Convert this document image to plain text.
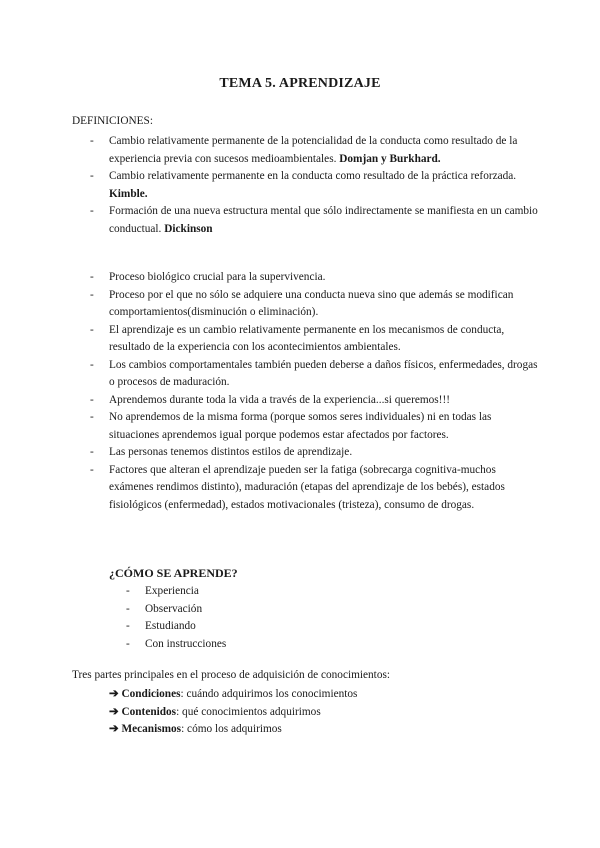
TEMA 5. APRENDIZAJE
DEFINICIONES:
- Cambio relativamente permanente de la potencialidad de la conducta como resultado de la experiencia previa con sucesos medioambientales. Domjan y Burkhard.
- Cambio relativamente permanente en la conducta como resultado de la práctica reforzada. Kimble.
- Formación de una nueva estructura mental que sólo indirectamente se manifiesta en un cambio conductual. Dickinson
- Proceso biológico crucial para la supervivencia.
- Proceso por el que no sólo se adquiere una conducta nueva sino que además se modifican comportamientos(disminución o eliminación).
- El aprendizaje es un cambio relativamente permanente en los mecanismos de conducta, resultado de la experiencia con los acontecimientos ambientales.
- Los cambios comportamentales también pueden deberse a daños físicos, enfermedades, drogas o procesos de maduración.
- Aprendemos durante toda la vida a través de la experiencia...si queremos!!!
- No aprendemos de la misma forma (porque somos seres individuales) ni en todas las situaciones aprendemos igual porque podemos estar afectados por factores.
- Las personas tenemos distintos estilos de aprendizaje.
- Factores que alteran el aprendizaje pueden ser la fatiga (sobrecarga cognitiva-muchos exámenes rendimos distinto), maduración (etapas del aprendizaje de los bebés), estados fisiológicos (enfermedad), estados motivacionales (tristeza), consumo de drogas.
¿CÓMO SE APRENDE?
- Experiencia
- Observación
- Estudiando
- Con instrucciones
Tres partes principales en el proceso de adquisición de conocimientos:
➔ Condiciones: cuándo adquirimos los conocimientos
➔ Contenidos: qué conocimientos adquirimos
➔ Mecanismos: cómo los adquirimos
